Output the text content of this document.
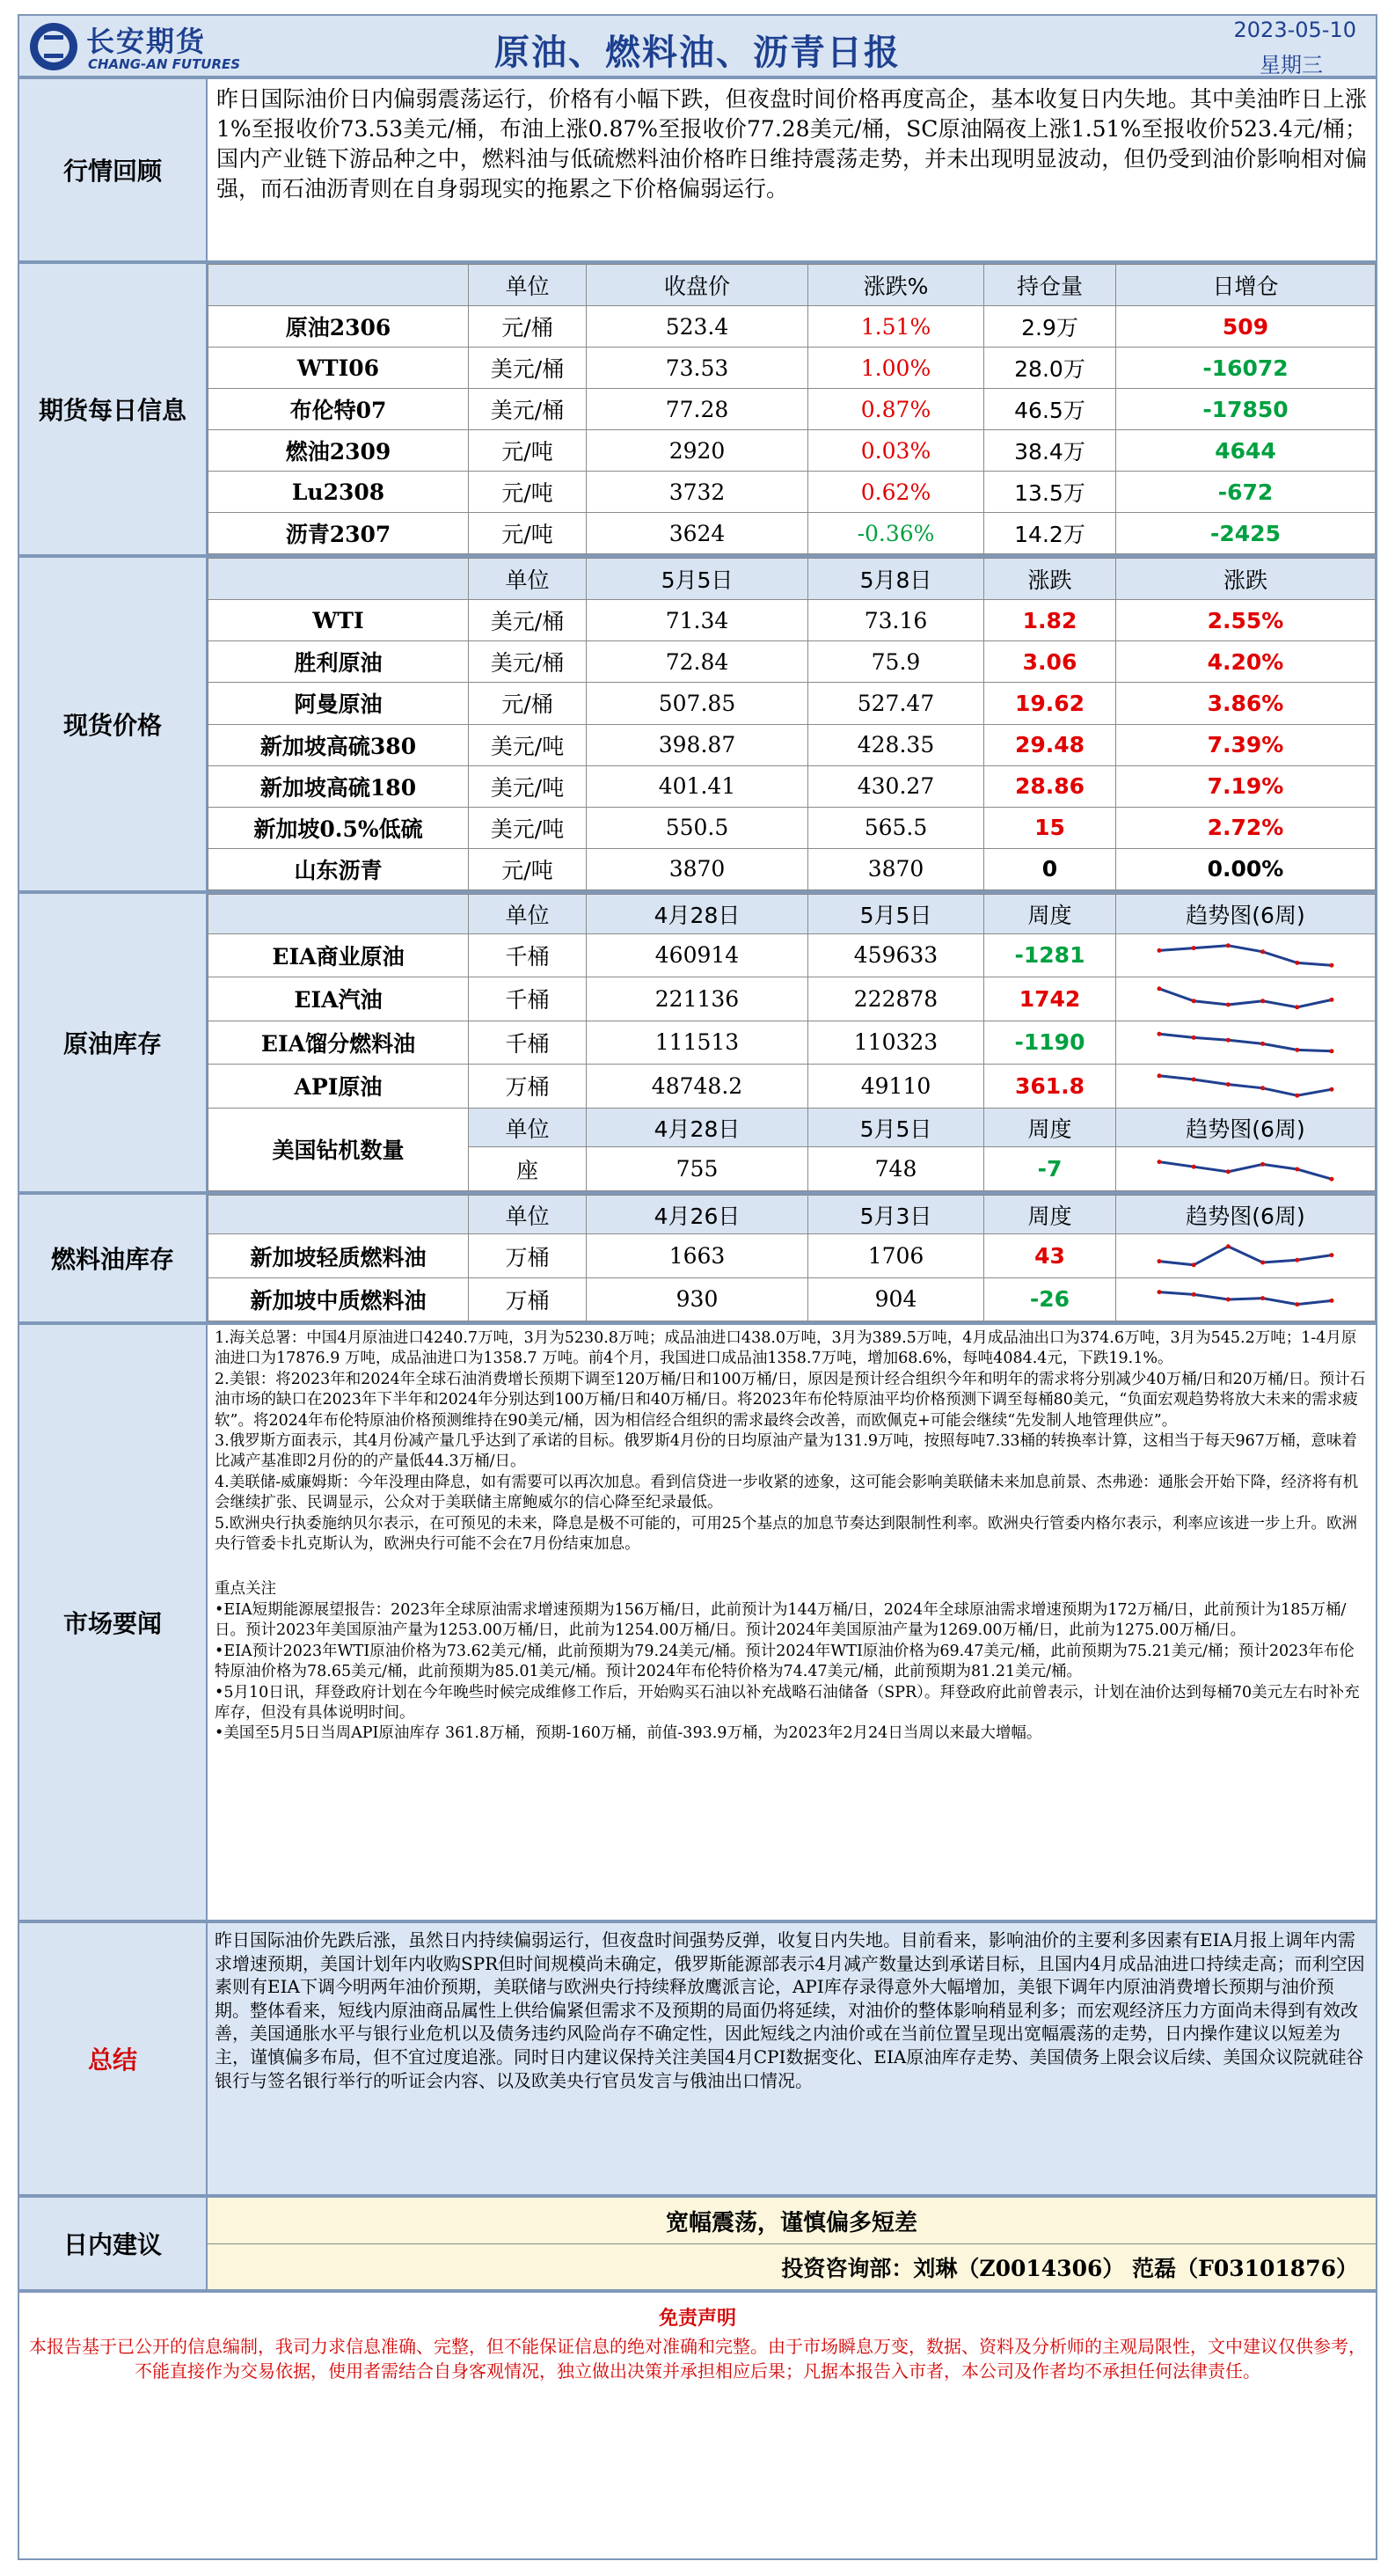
长安期货
CHANG-AN FUTURES	原油、燃料油、沥青日报
2023-05-10
星期三
行情回顾
昨日国际油价日内偏弱震荡运行，价格有小幅下跌，但夜盘时间价格再度高企，基本收复日内失地。其中美油昨日上涨1%至报收价73.53美元/桶，布油上涨0.87%至报收价77.28美元/桶，SC原油隔夜上涨1.51%至报收价523.4元/桶；国内产业链下游品种之中，燃料油与低硫燃料油价格昨日维持震荡走势，并未出现明显波动，但仍受到油价影响相对偏强，而石油沥青则在自身弱现实的拖累之下价格偏弱运行。
期货每日信息
	单位	收盘价	涨跌%	持仓量	日增仓
原油2306	元/桶	523.4	1.51%	2.9万	509
WTI06	美元/桶	73.53	1.00%	28.0万	-16072
布伦特07	美元/桶	77.28	0.87%	46.5万	-17850
燃油2309	元/吨	2920	0.03%	38.4万	4644
Lu2308	元/吨	3732	0.62%	13.5万	-672
沥青2307	元/吨	3624	-0.36%	14.2万	-2425
现货价格
	单位	5月5日	5月8日	涨跌	涨跌
WTI	美元/桶	71.34	73.16	1.82	2.55%
胜利原油	美元/桶	72.84	75.9	3.06	4.20%
阿曼原油	元/桶	507.85	527.47	19.62	3.86%
新加坡高硫380	美元/吨	398.87	428.35	29.48	7.39%
新加坡高硫180	美元/吨	401.41	430.27	28.86	7.19%
新加坡0.5%低硫	美元/吨	550.5	565.5	15	2.72%
山东沥青	元/吨	3870	3870	0	0.00%
原油库存
	单位	4月28日	5月5日	周度	趋势图(6周)
EIA商业原油	千桶	460914	459633	-1281	

EIA汽油	千桶	221136	222878	1742	

EIA馏分燃料油	千桶	111513	110323	-1190	

API原油	万桶	48748.2	49110	361.8	

美国钻机数量	单位	4月28日	5月5日	周度	趋势图(6周)
	座	755	748	-7	
燃料油库存
	单位	4月26日	5月3日	周度	趋势图(6周)
新加坡轻质燃料油	万桶	1663	1706	43	

新加坡中质燃料油	万桶	930	904	-26	
市场要闻

1.海关总署：中国4月原油进口4240.7万吨，3月为5230.8万吨；成品油进口438.0万吨，3月为389.5万吨，4月成品油出口为374.6万吨，3月为545.2万吨；1-4月原油进口为17876.9 万吨，成品油进口为1358.7 万吨。前4个月，我国进口成品油1358.7万吨，增加68.6%，每吨4084.4元，下跌19.1%。

2.美银：将2023年和2024年全球石油消费增长预期下调至120万桶/日和100万桶/日，原因是预计经合组织今年和明年的需求将分别减少40万桶/日和20万桶/日。预计石油市场的缺口在2023年下半年和2024年分别达到100万桶/日和40万桶/日。将2023年布伦特原油平均价格预测下调至每桶80美元，“负面宏观趋势将放大未来的需求疲软”。将2024年布伦特原油价格预测维持在90美元/桶，因为相信经合组织的需求最终会改善，而欧佩克+可能会继续“先发制人地管理供应”。

3.俄罗斯方面表示，其4月份减产量几乎达到了承诺的目标。俄罗斯4月份的日均原油产量为131.9万吨，按照每吨7.33桶的转换率计算，这相当于每天967万桶，意味着比减产基准即2月份的的产量低44.3万桶/日。

4.美联储-威廉姆斯：今年没理由降息，如有需要可以再次加息。看到信贷进一步收紧的迹象，这可能会影响美联储未来加息前景、杰弗逊：通胀会开始下降，经济将有机会继续扩张、民调显示，公众对于美联储主席鲍威尔的信心降至纪录最低。

5.欧洲央行执委施纳贝尔表示，在可预见的未来，降息是极不可能的，可用25个基点的加息节奏达到限制性利率。欧洲央行管委内格尔表示，利率应该进一步上升。欧洲央行管委卡扎克斯认为，欧洲央行可能不会在7月份结束加息。

重点关注

•EIA短期能源展望报告：2023年全球原油需求增速预期为156万桶/日，此前预计为144万桶/日，2024年全球原油需求增速预期为172万桶/日，此前预计为185万桶/日。预计2023年美国原油产量为1253.00万桶/日，此前为1254.00万桶/日。预计2024年美国原油产量为1269.00万桶/日，此前为1275.00万桶/日。

•EIA预计2023年WTI原油价格为73.62美元/桶，此前预期为79.24美元/桶。预计2024年WTI原油价格为69.47美元/桶，此前预期为75.21美元/桶；预计2023年布伦特原油价格为78.65美元/桶，此前预期为85.01美元/桶。预计2024年布伦特价格为74.47美元/桶，此前预期为81.21美元/桶。

•5月10日讯，拜登政府计划在今年晚些时候完成维修工作后，开始购买石油以补充战略石油储备（SPR）。拜登政府此前曾表示，计划在油价达到每桶70美元左右时补充库存，但没有具体说明时间。

•美国至5月5日当周API原油库存 361.8万桶，预期-160万桶，前值-393.9万桶，为2023年2月24日当周以来最大增幅。

总结
昨日国际油价先跌后涨，虽然日内持续偏弱运行，但夜盘时间强势反弹，收复日内失地。目前看来，影响油价的主要利多因素有EIA月报上调年内需求增速预期，美国计划年内收购SPR但时间规模尚未确定，俄罗斯能源部表示4月减产数量达到承诺目标，且国内4月成品油进口持续走高；而利空因素则有EIA下调今明两年油价预期，美联储与欧洲央行持续释放鹰派言论，API库存录得意外大幅增加，美银下调年内原油消费增长预期与油价预期。整体看来，短线内原油商品属性上供给偏紧但需求不及预期的局面仍将延续，对油价的整体影响稍显利多；而宏观经济压力方面尚未得到有效改善，美国通胀水平与银行业危机以及债务违约风险尚存不确定性，因此短线之内油价或在当前位置呈现出宽幅震荡的走势，日内操作建议以短差为主，谨慎偏多布局，但不宜过度追涨。同时日内建议保持关注美国4月CPI数据变化、EIA原油库存走势、美国债务上限会议后续、美国众议院就硅谷银行与签名银行举行的听证会内容、以及欧美央行官员发言与俄油出口情况。
日内建议
宽幅震荡，谨慎偏多短差
投资咨询部：刘琳（Z0014306） 范磊（F03101876）
免责声明
本报告基于已公开的信息编制，我司力求信息准确、完整，但不能保证信息的绝对准确和完整。由于市场瞬息万变，数据、资料及分析师的主观局限性，文中建议仅供参考，不能直接作为交易依据，使用者需结合自身客观情况，独立做出决策并承担相应后果；凡据本报告入市者，本公司及作者均不承担任何法律责任。
